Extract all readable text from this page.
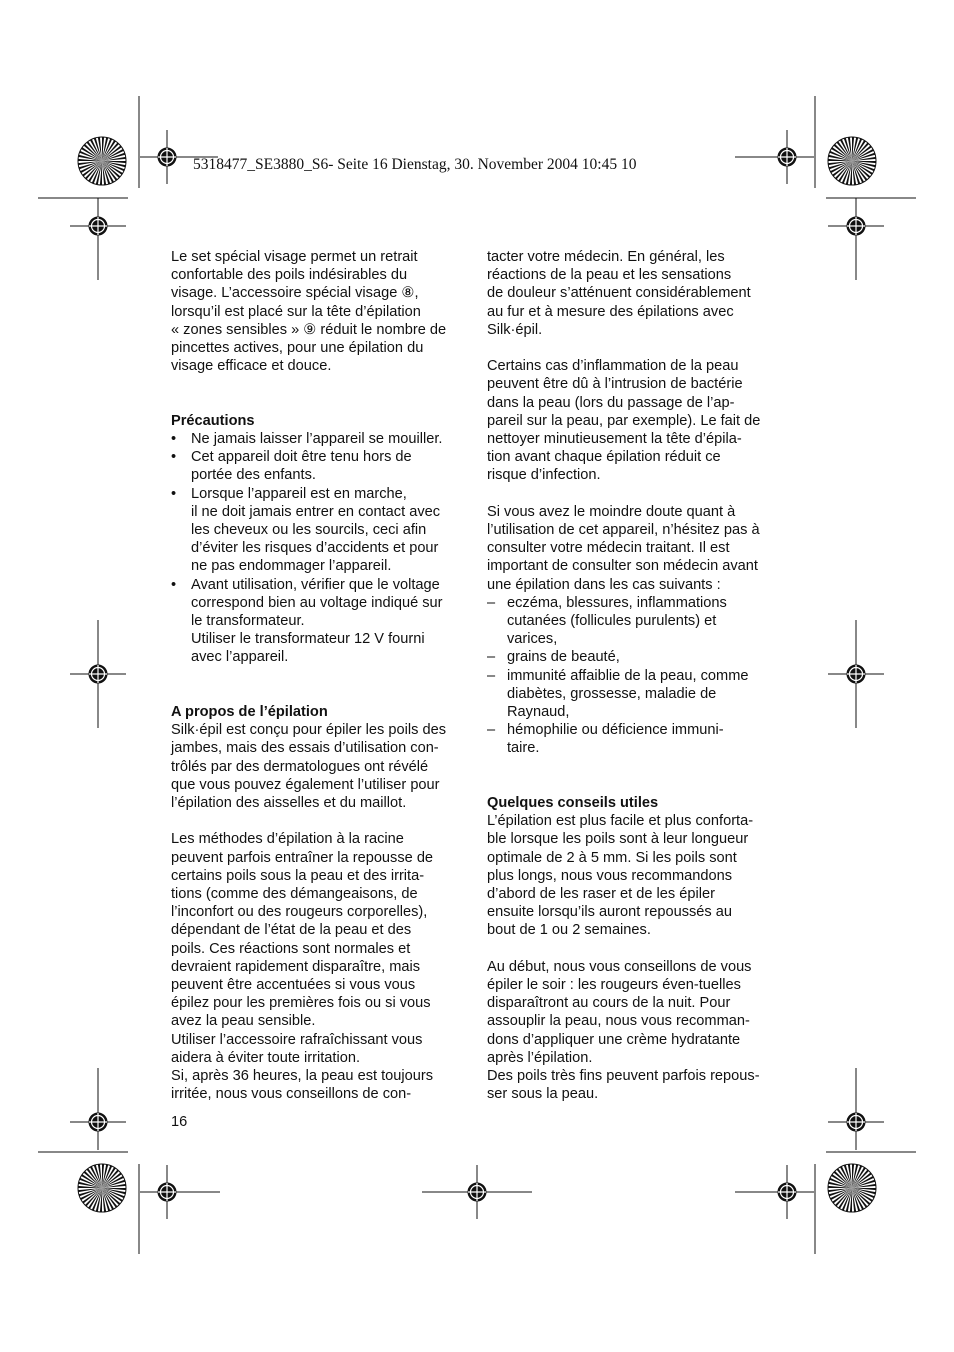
5318477_SE3880_S6- Seite 16 Dienstag, 30. November 2004 10:45 10

Le set spécial visage permet un retrait

confortable des poils indésirables du

visage. L’accessoire spécial visage ⑧,

lorsqu’il est placé sur la tête d’épilation

« zones sensibles » ⑨ réduit le nombre de

pincettes actives, pour une épilation du

visage efficace et douce.

Précautions

• Ne jamais laisser l’appareil se mouiller.

• Cet appareil doit être tenu hors de

portée des enfants.

• Lorsque l’appareil est en marche,

il ne doit jamais entrer en contact avec

les cheveux ou les sourcils, ceci afin

d’éviter les risques d’accidents et pour

ne pas endommager l’appareil.

• Avant utilisation, vérifier que le voltage

correspond bien au voltage indiqué sur

le transformateur.

Utiliser le transformateur 12 V fourni

avec l’appareil.

A propos de l’épilation

Silk·épil est conçu pour épiler les poils des

jambes, mais des essais d’utilisation con-

trôlés par des dermatologues ont révélé

que vous pouvez également l’utiliser pour

l’épilation des aisselles et du maillot.

Les méthodes d’épilation à la racine

peuvent parfois entraîner la repousse de

certains poils sous la peau et des irrita-

tions (comme des démangeaisons, de

l’inconfort ou des rougeurs corporelles),

dépendant de l’état de la peau et des

poils. Ces réactions sont normales et

devraient rapidement disparaître, mais

peuvent être accentuées si vous vous

épilez pour les premières fois ou si vous

avez la peau sensible.

Utiliser l’accessoire rafraîchissant vous

aidera à éviter toute irritation.

Si, après 36 heures, la peau est toujours

irritée, nous vous conseillons de con-

tacter votre médecin. En général, les

réactions de la peau et les sensations

de douleur s’atténuent considérablement

au fur et à mesure des épilations avec

Silk·épil.

Certains cas d’inflammation de la peau

peuvent être dû à l’intrusion de bactérie

dans la peau (lors du passage de l’ap-

pareil sur la peau, par exemple). Le fait de

nettoyer minutieusement la tête d’épila-

tion avant chaque épilation réduit ce

risque d’infection.

Si vous avez le moindre doute quant à

l’utilisation de cet appareil, n’hésitez pas à

consulter votre médecin traitant. Il est

important de consulter son médecin avant

une épilation dans les cas suivants :

– eczéma, blessures, inflammations

cutanées (follicules purulents) et

varices,

– grains de beauté,

– immunité affaiblie de la peau, comme

diabètes, grossesse, maladie de

Raynaud,

– hémophilie ou déficience immuni-

taire.

Quelques conseils utiles

L’épilation est plus facile et plus conforta-

ble lorsque les poils sont à leur longueur

optimale de 2 à 5 mm. Si les poils sont

plus longs, nous vous recommandons

d’abord de les raser et de les épiler

ensuite lorsqu’ils auront repoussés au

bout de 1 ou 2 semaines.

Au début, nous vous conseillons de vous

épiler le soir : les rougeurs éven-tuelles

disparaîtront au cours de la nuit. Pour

assouplir la peau, nous vous recomman-

dons d’appliquer une crème hydratante

après l’épilation.

Des poils très fins peuvent parfois repous-

ser sous la peau.

16
